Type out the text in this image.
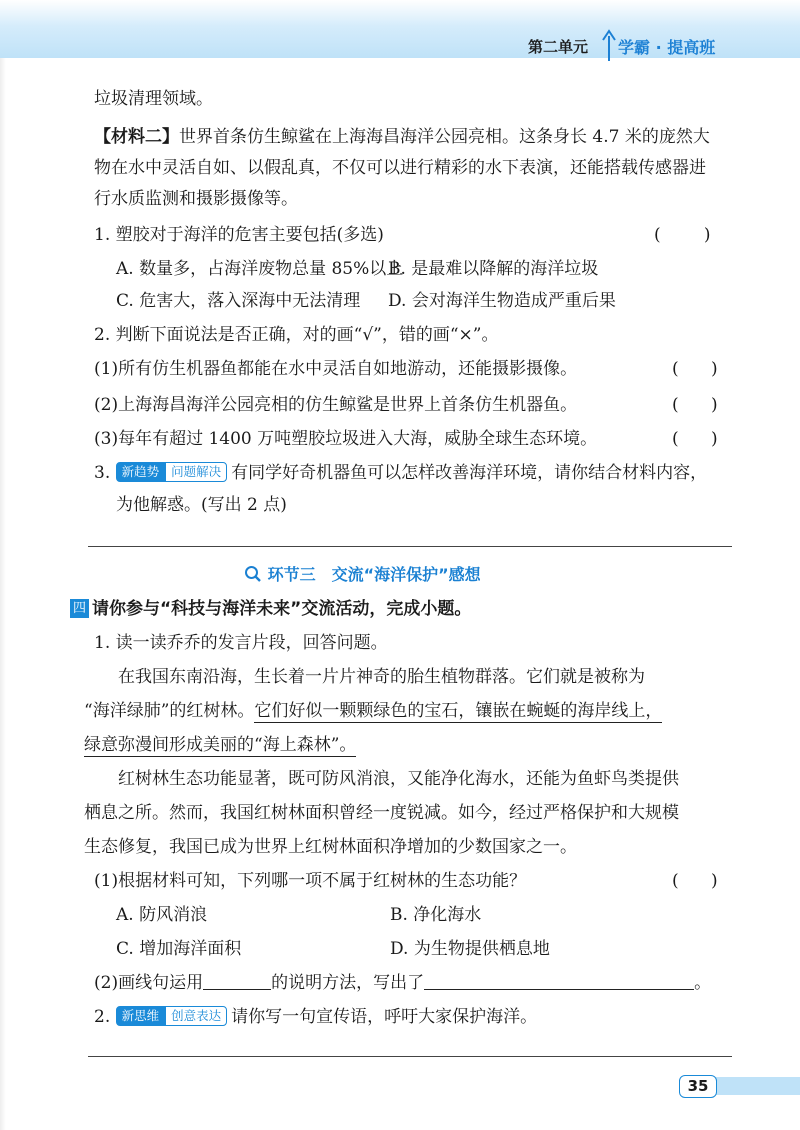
第二单元 学霸 · 提高班
垃圾清理领域。
【材料二】世界首条仿生鲸鲨在上海海昌海洋公园亮相。这条身长 4.7 米的庞然大
物在水中灵活自如、以假乱真，不仅可以进行精彩的水下表演，还能搭载传感器进
行水质监测和摄影摄像等。
1. 塑胶对于海洋的危害主要包括(多选)	(        )
A. 数量多，占海洋废物总量 85%以上
B. 是最难以降解的海洋垃圾
C. 危害大，落入深海中无法清理 D. 会对海洋生物造成严重后果
2. 判断下面说法是否正确，对的画“√”，错的画“×”。
(1)所有仿生机器鱼都能在水中灵活自如地游动，还能摄影摄像。	(      )
(2)上海海昌海洋公园亮相的仿生鲸鲨是世界上首条仿生机器鱼。	(      )
(3)每年有超过 1400 万吨塑胶垃圾进入大海，威胁全球生态环境。	(      )
3. 新趋势 问题解决 有同学好奇机器鱼可以怎样改善海洋环境，请你结合材料内容，
为他解惑。(写出 2 点)
环节三 交流“海洋保护”感想
四 请你参与“科技与海洋未来”交流活动，完成小题。
1. 读一读乔乔的发言片段，回答问题。
在我国东南沿海，生长着一片片神奇的胎生植物群落。它们就是被称为
“海洋绿肺”的红树林。它们好似一颗颗绿色的宝石，镶嵌在蜿蜒的海岸线上，
绿意弥漫间形成美丽的“海上森林”。
红树林生态功能显著，既可防风消浪，又能净化海水，还能为鱼虾鸟类提供
栖息之所。然而，我国红树林面积曾经一度锐减。如今，经过严格保护和大规模
生态修复，我国已成为世界上红树林面积净增加的少数国家之一。
(1)根据材料可知，下列哪一项不属于红树林的生态功能？	(      )
A. 防风消浪	B. 净化海水
C. 增加海洋面积	D. 为生物提供栖息地
(2)画线句运用	的说明方法，写出了	。
2. 新思维 创意表达 请你写一句宣传语，呼吁大家保护海洋。
35
